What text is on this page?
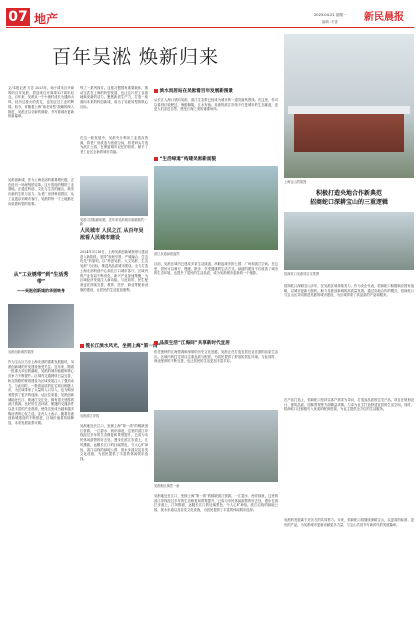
07 地产	2025.04.21 星期一
编辑 :冬香	新民晨报
百年吴淞 焕新归来
文/本报记者 方芳 2025年，始于清末自开商埠的百年吴淞，将迎来自开商埠127周年纪念。百年来，吴淞从一个小渔村成长为通商大埠，经历过战火的洗礼，也见证过工业的辉煌。如今，伴随着上海“南北转型”战略的深入推进，吴淞正以全新的面貌，书写着城市更新的新篇章。
吴淞创新城，作为上海北部的重要增长极，正在经历一场深刻的变革。这片曾经的钢铁工业基地，正通过科创、文化与生态的融合，焕发出新的生机与活力。从老厂房到科创园区，从工业遗存到城市客厅，吴淞的每一寸土地都在诉说着转型的故事。
从“工业锈带”到“生活秀带”
——吴淞创新城的华丽转身
吴淞创新城效果图
作为宝山区乃至上海北部的重要发展板块，吴淞创新城的开发建设备受关注。近年来，随着一批重大项目的落地，吴淞的城市能级和核心竞争力不断提升。区域内交通网络日益完善，轨交线路的规划建设为区域发展注入了强劲动力。与此同时，一批高品质的住宅项目相继入市，为区域带来了大量的人口导入，也为购房者提供了更多的选择。从区位来看，吴淞创新城地处长江、黄浦江交汇处，拥有得天独厚的滨江资源。良好的生态环境、便捷的交通条件以及丰富的产业资源，使得这里成为越来越多购房者的心仪之选。业内人士表示，随着吴淞创新城建设的不断推进，区域价值将持续释放，未来发展前景可期。
每了一系列探讨。这座习惯国有重要载体，推动宝武在上海的转型发展，也让这片老工业基地焕发新的活力。聚焦新质生产力，打造一座面向未来的科创新城，成为了吴淞转型的核心目标。
在这一轮发展中，吴淞充分利用工业遗存资源，将老厂房改造为创意空间，将老码头打造为滨江公园，在保留城市记忆的同时，赋予了老工业区全新的城市功能。
吴淞口国际邮轮港，近年来吴淞城市面貌焕然一新
人民城市 人民之江 从百年吴淞看人民城市建设
2024年3月16日，上海吴淞创新城规划与建设进入新阶段，坚持“规划引领、产城融合、生态优先”的原则，以“科创吴淞、人文吴淞、生态吴淞”为目标，推进高品质城市建设。全力打造上海北部科创中心和长江口城市客厅。区域内的产业布局不断优化，新兴产业加速集聚，为区域经济发展注入新动能。与此同时，民生配套也在持续完善，教育、医疗、商业等配套设施的建设，让居民的生活更加便利。
揽长江滨水风光，坐拥上海“第一湾”
吴淞滨江岸线
吴淞地处长江口，坐拥上海“第一湾”的稀缺滨江资源。一江碧水、两岸绿意，这里的滨江岸线经过多年的生态修复和景观提升，已成为市民休闲游憩的好去处。漫步在滨江步道上，江风拂面，远眺长江口的壮阔景色，令人心旷神怡。滨江沿线的绿地公园、滨水步道以及各类文化设施，为居民提供了丰富的休闲娱乐选择。
滨水而居站在吴淞看百年发展新图景
从长江入海口望向吴淞，滨江生态带已经成为城市的一道亮丽风景线。在这里，你可以看到巨轮驶过，海鸥翱翔，江水奔流。吴淞的滨江岸线不仅是城市的生态廊道，更是人们亲近自然、感受江海之美的重要场所。
“生活绿道”构建吴淞新面貌
滨江步道绿意盎然
目前，吴淞区域内已建成多条生活绿道，串联起城市的公园、广场和滨江空间。在这里，居民可以骑行、慢跑、散步，享受健康的生活方式。绿道的建设不仅改善了城市的生态环境，也提升了居民的生活品质，成为吴淞城市更新的一个缩影。
品质生活“江海间”共享新时代宜居
依托独特的江海资源和深厚的历史文化底蕴，吴淞正在打造宜居宜业宜游的品质生活区。区域内的住宅项目注重品质与配套，为居民提供了舒适的居住环境。与此同时，商业配套的不断完善，也让居民的生活更加丰富多彩。
吴淞街区焕然一新
吴淞地处长江口，坐拥上海“第一湾”的稀缺滨江资源。一江碧水、两岸绿意，这里的滨江岸线经过多年的生态修复和景观提升，已成为市民休闲游憩的好去处。漫步在滨江步道上，江风拂面，远眺长江口的壮阔景色，令人心旷神怡。滨江沿线的绿地公园、滨水步道以及各类文化设施，为居民提供了丰富的休闲娱乐选择。
上海宝山效果图
积极打造央地合作新典范
招商蛇口深耕宝山的三重逻辑
招商蛇口吴淞项目实景图
招商蛇口深耕宝山多年，在吴淞区域持续发力。作为央企代表，招商蛇口积极响应国家战略，以城市更新为契机，助力吴淞创新城的高质量发展。通过央地合作的模式，招商蛇口与宝山区共同推进吴淞的城市建设，为区域带来了高品质的产品和服务。
在产品打造上，招商蛇口坚持以客户需求为导向，打造高品质的住宅产品。项目在规划设计、建筑品质、园林景观等方面精益求精，力求为业主打造舒适宜居的生活空间。同时，招商蛇口还积极引入优质的配套资源，为业主提供全方位的生活服务。
吴淞的发展离不开各方的共同努力。未来，招商蛇口将继续深耕宝山，以更高的标准、更优的产品，为吴淞城市更新贡献更多力量，与宝山共同书写新时代的发展篇章。
